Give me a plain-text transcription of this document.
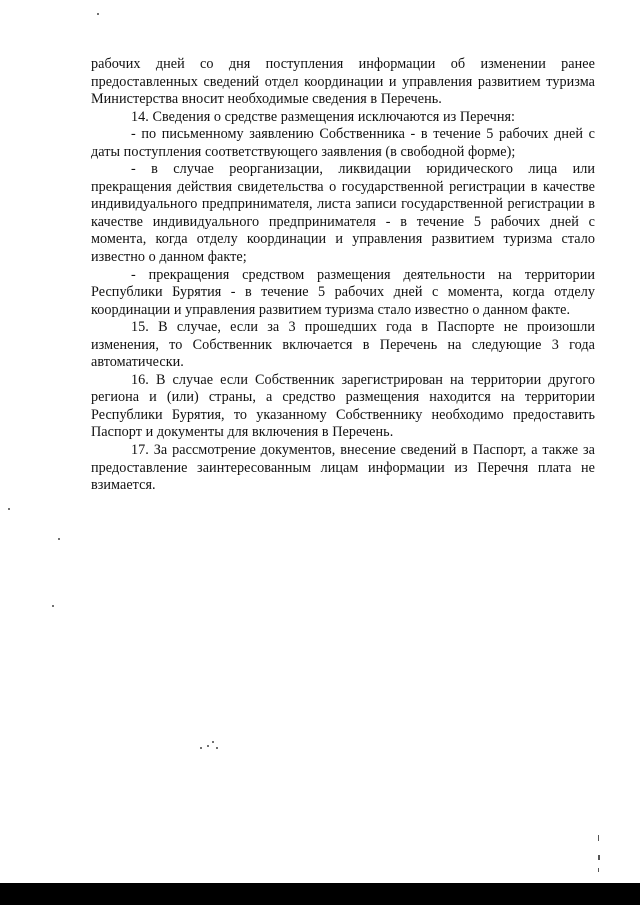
рабочих дней со дня поступления информации об изменении ранее предоставленных сведений отдел координации и управления развитием туризма Министерства вносит необходимые сведения в Перечень.

14. Сведения о средстве размещения исключаются из Перечня:

- по письменному заявлению Собственника - в течение 5 рабочих дней с даты поступления соответствующего заявления (в свободной форме);

- в случае реорганизации, ликвидации юридического лица или прекращения действия свидетельства о государственной регистрации в качестве индивидуального предпринимателя, листа записи государственной регистрации в качестве индивидуального предпринимателя - в течение 5 рабочих дней с момента, когда отделу координации и управления развитием туризма стало известно о данном факте;

- прекращения средством размещения деятельности на территории Республики Бурятия - в течение 5 рабочих дней с момента, когда отделу координации и управления развитием туризма стало известно о данном факте.

15. В случае, если за 3 прошедших года в Паспорте не произошли изменения, то Собственник включается в Перечень на следующие 3 года автоматически.

16. В случае если Собственник зарегистрирован на территории другого региона и (или) страны, а средство размещения находится на территории Республики Бурятия, то указанному Собственнику необходимо предоставить Паспорт и документы для включения в Перечень.

17. За рассмотрение документов, внесение сведений в Паспорт, а также за предоставление заинтересованным лицам информации из Перечня плата не взимается.
